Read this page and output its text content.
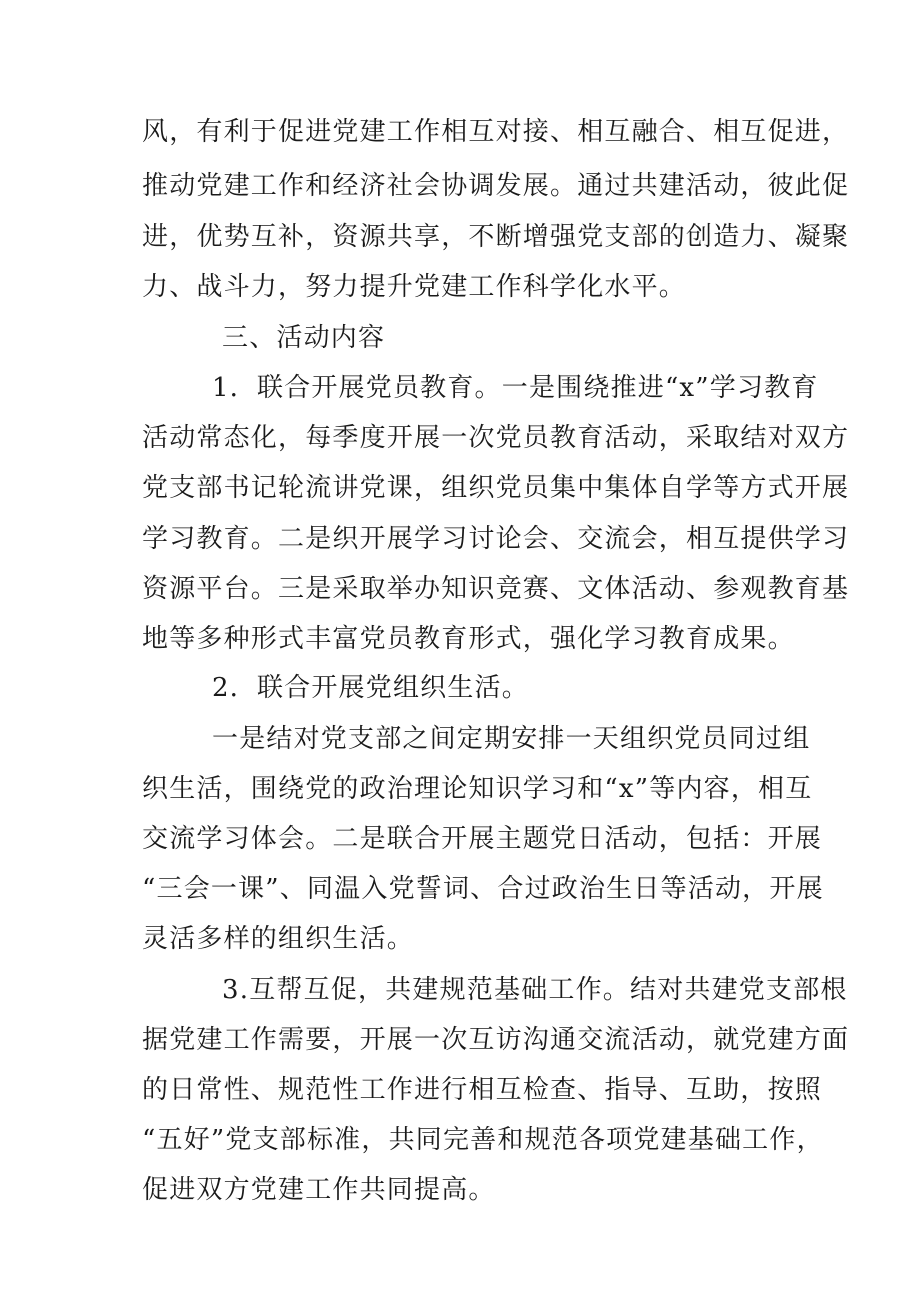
风，有利于促进党建工作相互对接、相互融合、相互促进，
推动党建工作和经济社会协调发展。通过共建活动，彼此促
进，优势互补，资源共享，不断增强党支部的创造力、凝聚
力、战斗力，努力提升党建工作科学化水平。
三、活动内容
1．联合开展党员教育。一是围绕推进“x”学习教育
活动常态化，每季度开展一次党员教育活动，采取结对双方
党支部书记轮流讲党课，组织党员集中集体自学等方式开展
学习教育。二是织开展学习讨论会、交流会，相互提供学习
资源平台。三是采取举办知识竞赛、文体活动、参观教育基
地等多种形式丰富党员教育形式，强化学习教育成果。
2．联合开展党组织生活。
一是结对党支部之间定期安排一天组织党员同过组
织生活，围绕党的政治理论知识学习和“x”等内容，相互
交流学习体会。二是联合开展主题党日活动，包括：开展
“三会一课”、同温入党誓词、合过政治生日等活动，开展
灵活多样的组织生活。
3.互帮互促，共建规范基础工作。结对共建党支部根
据党建工作需要，开展一次互访沟通交流活动，就党建方面
的日常性、规范性工作进行相互检查、指导、互助，按照
“五好”党支部标准，共同完善和规范各项党建基础工作，
促进双方党建工作共同提高。
